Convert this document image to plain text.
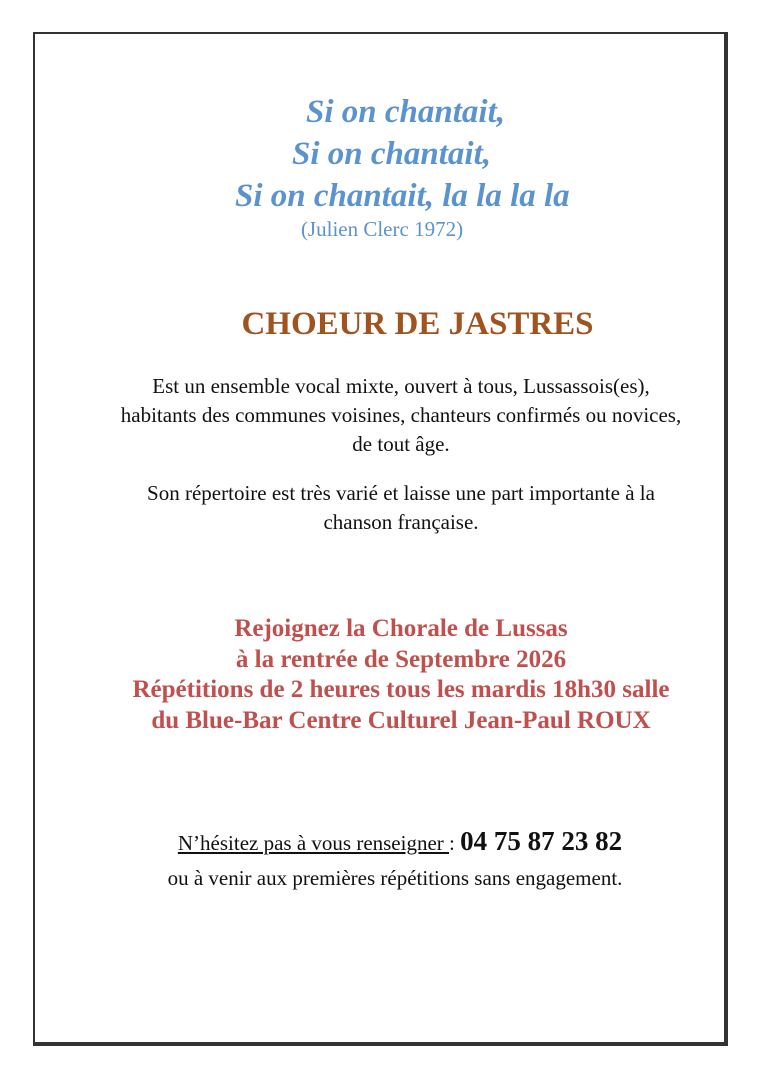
Si on chantait,
Si on chantait,
Si on chantait, la la la la
(Julien Clerc 1972)
CHOEUR DE JASTRES
Est un ensemble vocal mixte, ouvert à tous, Lussassois(es),
habitants des communes voisines, chanteurs confirmés ou novices,
de tout âge.
Son répertoire est très varié et laisse une part importante à la
chanson française.
Rejoignez la Chorale de Lussas
à la rentrée de Septembre 2026
Répétitions de 2 heures tous les mardis 18h30 salle
du Blue-Bar Centre Culturel Jean-Paul ROUX
N’hésitez pas à vous renseigner : 04 75 87 23 82
ou à venir aux premières répétitions sans engagement.
